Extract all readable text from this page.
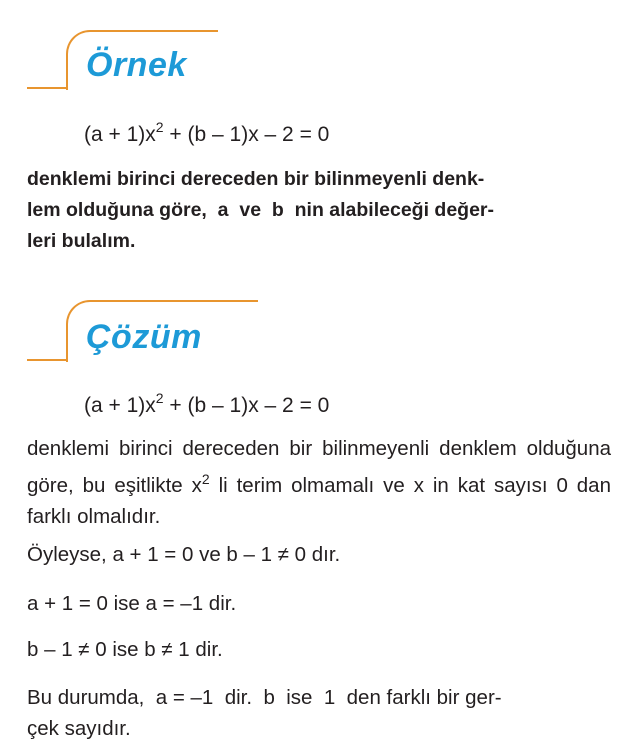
Örnek
$(a + 1)x^2 + (b - 1)x - 2 = 0$
denklemi birinci dereceden bir bilinmeyenli denk-
lem olduğuna göre,  a  ve  b  nin alabileceği değer-
leri bulalım.
Çözüm
$(a + 1)x^2 + (b - 1)x - 2 = 0$
denklemi birinci dereceden bir bilinmeyenli denklem olduğuna göre, bu eşitlikte $x^2$ li terim olmamalı ve x in kat sayısı 0 dan farklı olmalıdır.
Öyleyse, a + 1 = 0 ve b – 1 ≠ 0 dır.
a + 1 = 0 ise a = –1 dir.
b – 1 ≠ 0 ise b ≠ 1 dir.
Bu durumda,  a = –1  dir.  b  ise  1  den farklı bir ger-
çek sayıdır.
